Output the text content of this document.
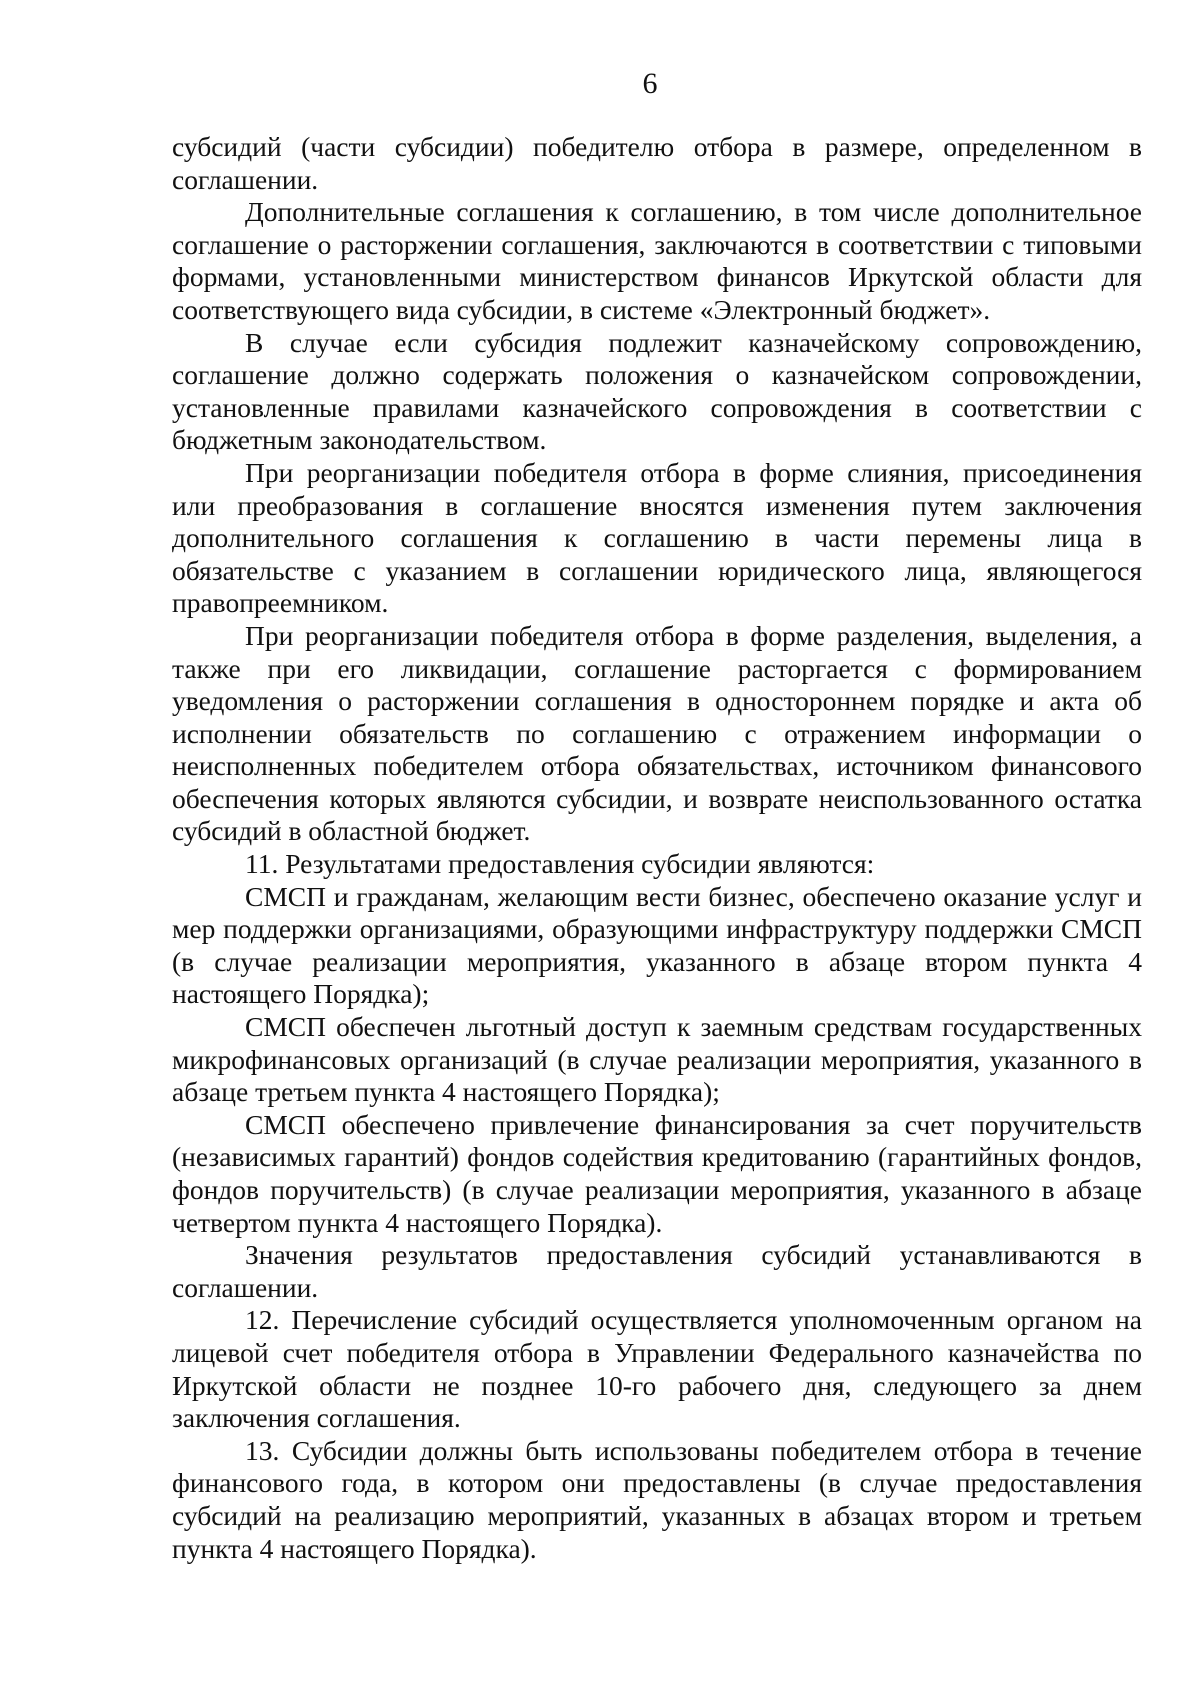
6

субсидий (части субсидии) победителю отбора в размере, определенном в соглашении.

Дополнительные соглашения к соглашению, в том числе дополнительное соглашение о расторжении соглашения, заключаются в соответствии с типовыми формами, установленными министерством финансов Иркутской области для соответствующего вида субсидии, в системе «Электронный бюджет».

В случае если субсидия подлежит казначейскому сопровождению, соглашение должно содержать положения о казначейском сопровождении, установленные правилами казначейского сопровождения в соответствии с бюджетным законодательством.

При реорганизации победителя отбора в форме слияния, присоединения или преобразования в соглашение вносятся изменения путем заключения дополнительного соглашения к соглашению в части перемены лица в обязательстве с указанием в соглашении юридического лица, являющегося правопреемником.

При реорганизации победителя отбора в форме разделения, выделения, а также при его ликвидации, соглашение расторгается с формированием уведомления о расторжении соглашения в одностороннем порядке и акта об исполнении обязательств по соглашению с отражением информации о неисполненных победителем отбора обязательствах, источником финансового обеспечения которых являются субсидии, и возврате неиспользованного остатка субсидий в областной бюджет.

11. Результатами предоставления субсидии являются:

СМСП и гражданам, желающим вести бизнес, обеспечено оказание услуг и мер поддержки организациями, образующими инфраструктуру поддержки СМСП (в случае реализации мероприятия, указанного в абзаце втором пункта 4 настоящего Порядка);

СМСП обеспечен льготный доступ к заемным средствам государственных микрофинансовых организаций (в случае реализации мероприятия, указанного в абзаце третьем пункта 4 настоящего Порядка);

СМСП обеспечено привлечение финансирования за счет поручительств (независимых гарантий) фондов содействия кредитованию (гарантийных фондов, фондов поручительств) (в случае реализации мероприятия, указанного в абзаце четвертом пункта 4 настоящего Порядка).

Значения результатов предоставления субсидий устанавливаются в соглашении.

12. Перечисление субсидий осуществляется уполномоченным органом на лицевой счет победителя отбора в Управлении Федерального казначейства по Иркутской области не позднее 10-го рабочего дня, следующего за днем заключения соглашения.

13. Субсидии должны быть использованы победителем отбора в течение финансового года, в котором они предоставлены (в случае предоставления субсидий на реализацию мероприятий, указанных в абзацах втором и третьем пункта 4 настоящего Порядка).
